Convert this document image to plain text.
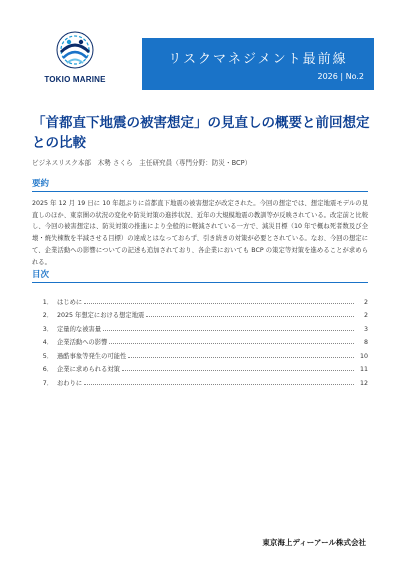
TOKIO MARINE
リスクマネジメント最前線
2026 | No.2
「首都直下地震の被害想定」の見直しの概要と前回想定との比較
ビジネスリスク本部　木勢 さくら　主任研究員（専門分野：防災・BCP）
要約
2025 年 12 月 19 日に 10 年超ぶりに首都直下地震の被害想定が改定された。今回の想定では、想定地震モデルの見直しのほか、東京圏の状況の変化や防災対策の進捗状況、近年の大規模地震の教訓等が反映されている。改定前と比較し、今回の被害想定は、防災対策の推進により全般的に軽減されている一方で、減災目標（10 年で概ね死者数及び全壊・焼失棟数を半減させる目標）の達成とはなっておらず、引き続きの対策が必要とされている。なお、今回の想定にて、企業活動への影響についての記述も追加されており、各企業においても BCP の策定等対策を進めることが求められる。
目次
1． はじめに	2
2． 2025 年想定における想定地震	2
3． 定量的な被害量	3
4． 企業活動への影響	8
5． 過酷事象等発生の可能性	10
6． 企業に求められる対策	11
7． おわりに	12
東京海上ディーアール株式会社
